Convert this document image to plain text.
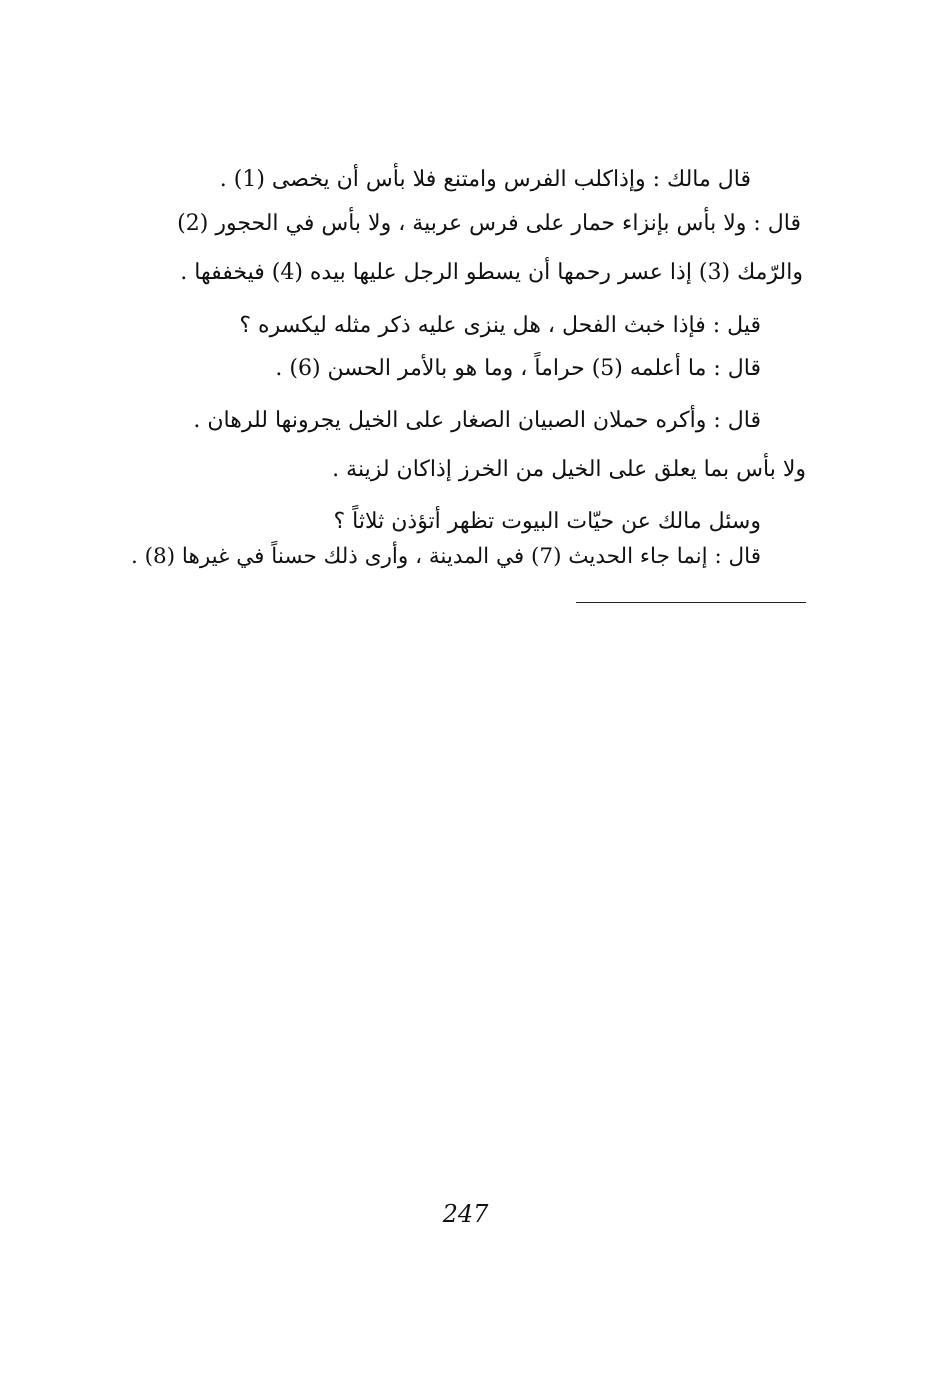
قال مالك : وإذاكلب الفرس وامتنع فلا بأس أن يخصى (1) .
قال : ولا بأس بإنزاء حمار على فرس عربية ، ولا بأس في الحجور (2)
والرّمك (3) إذا عسر رحمها أن يسطو الرجل عليها بيده (4) فيخففها .
قيل : فإذا خبث الفحل ، هل ينزى عليه ذكر مثله ليكسره ؟
قال : ما أعلمه (5) حراماً ، وما هو بالأمر الحسن (6) .
قال : وأكره حملان الصبيان الصغار على الخيل يجرونها للرهان .
ولا بأس بما يعلق على الخيل من الخرز إذاكان لزينة .
وسئل مالك عن حيّات البيوت تظهر أتؤذن ثلاثاً ؟
قال : إنما جاء الحديث (7) في المدينة ، وأرى ذلك حسناً في غيرها (8) .
247
